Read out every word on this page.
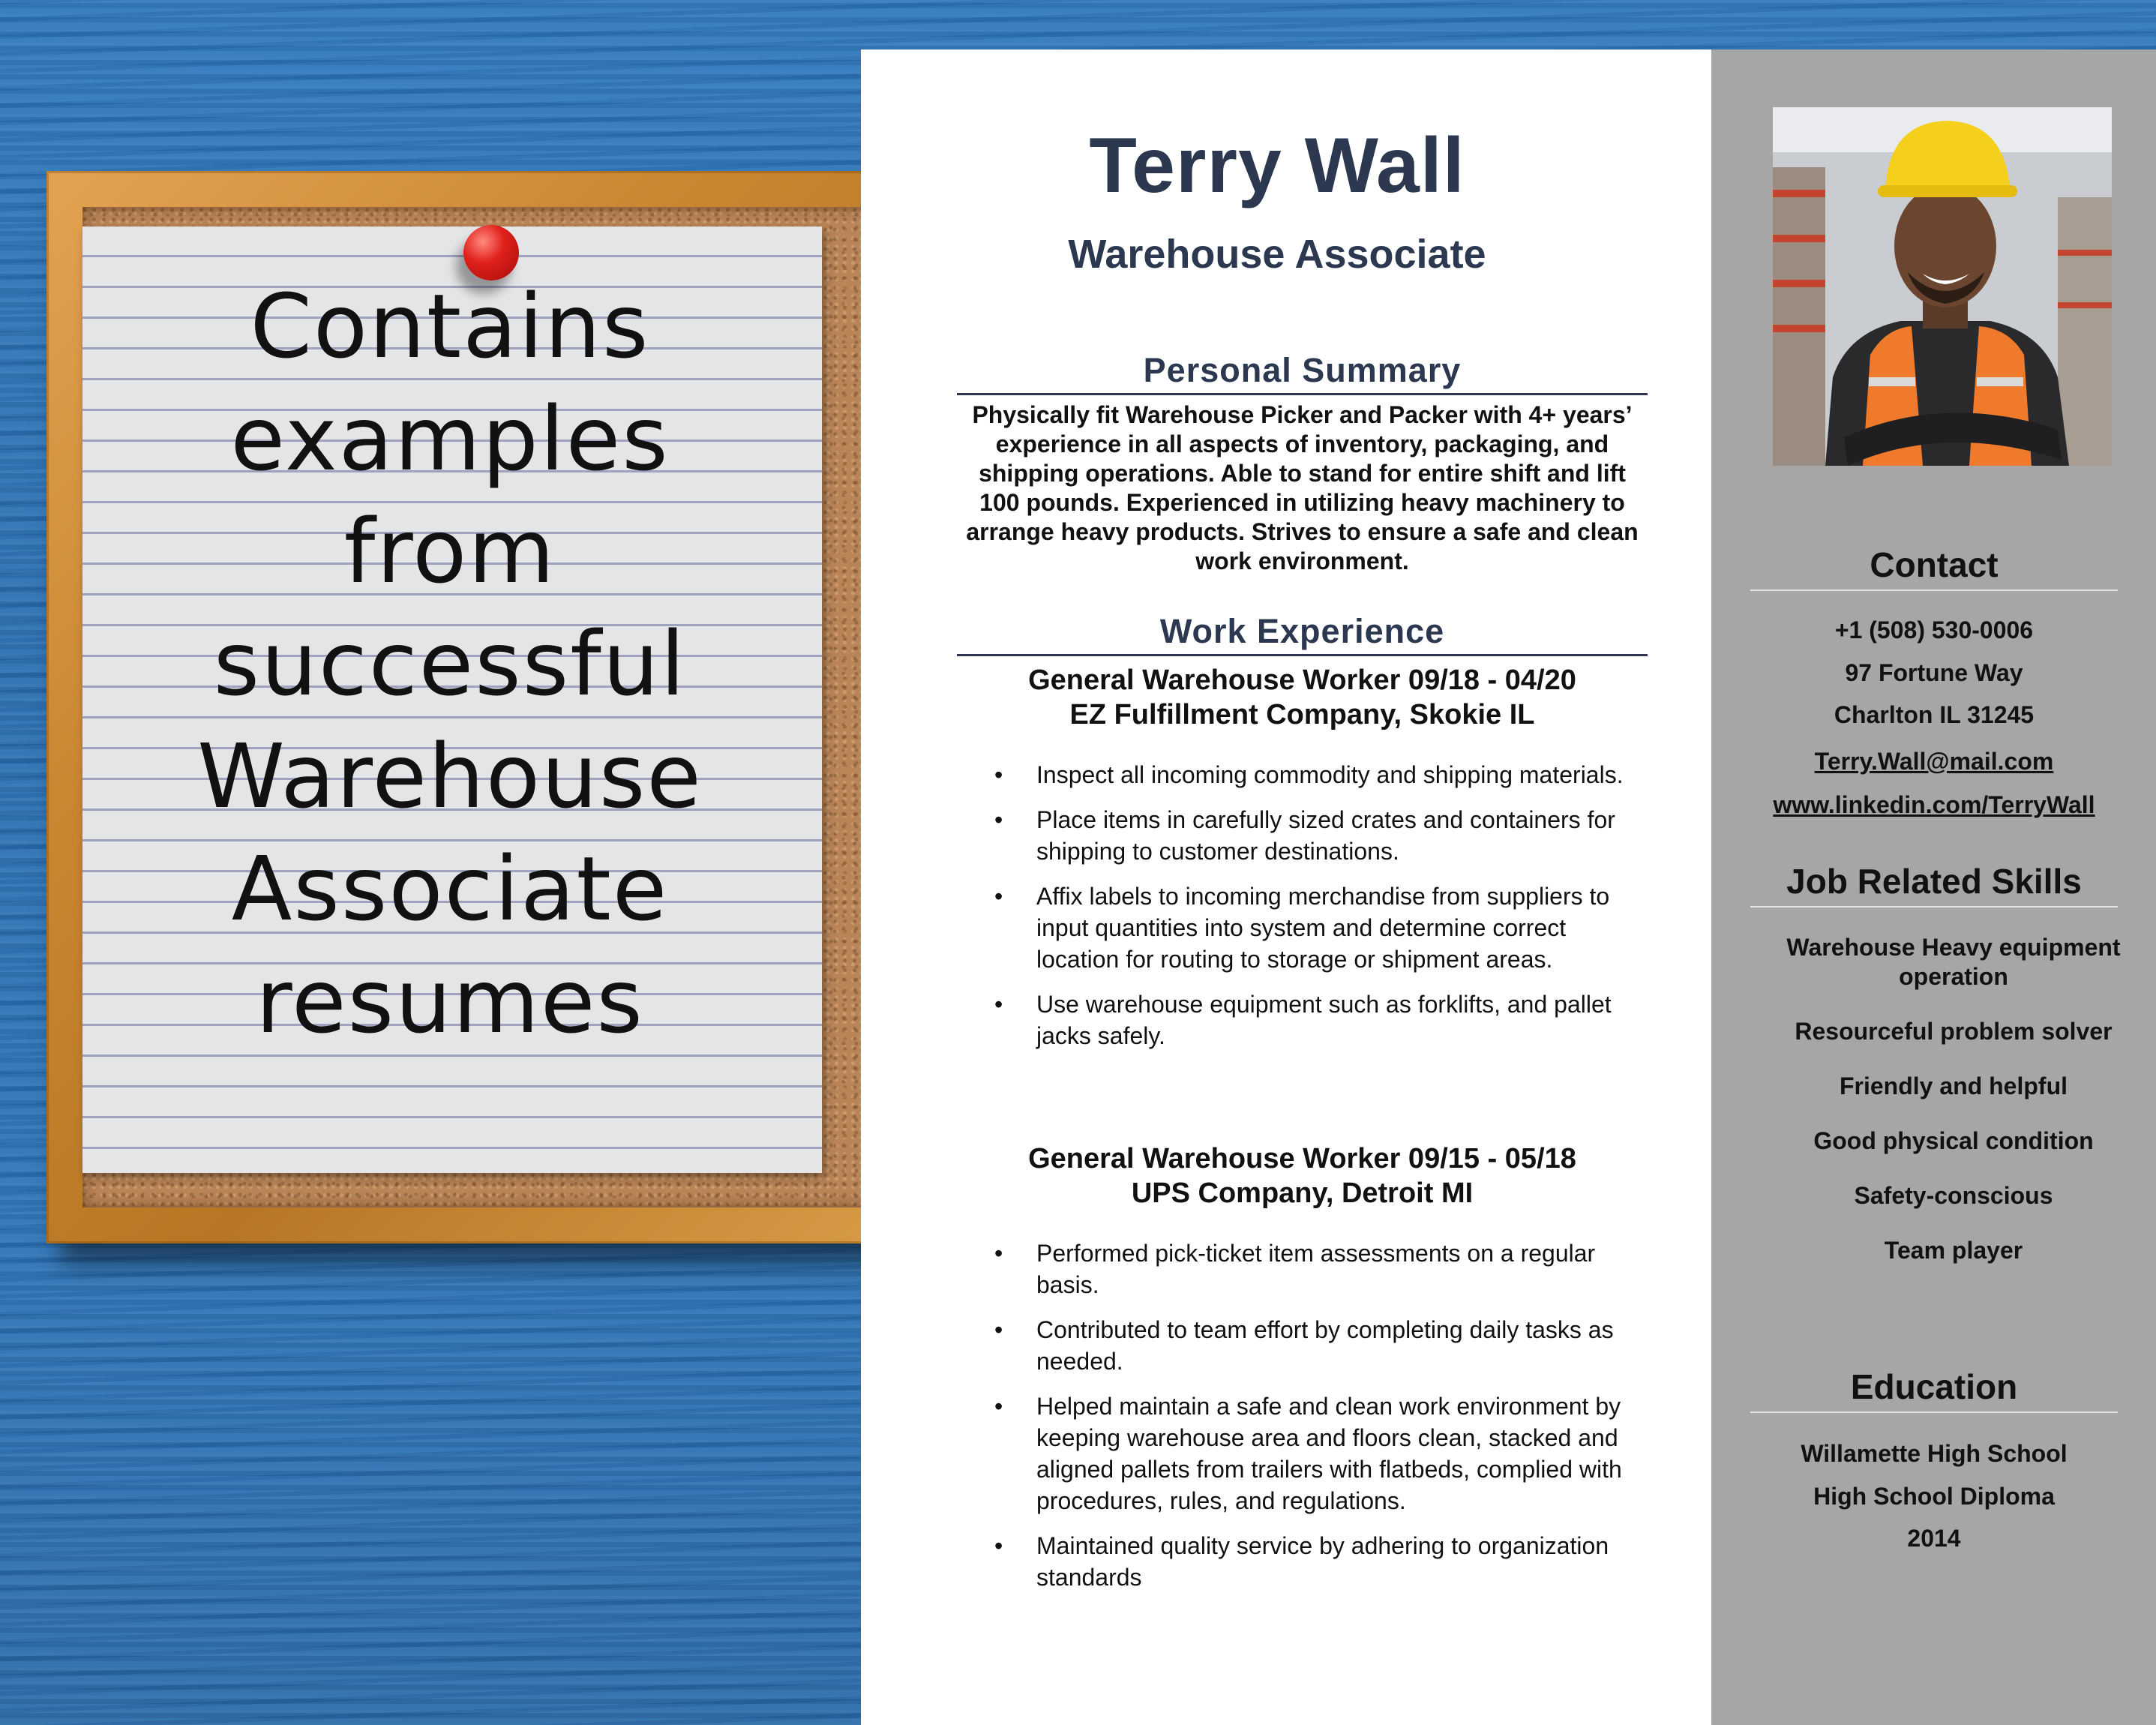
Contains
examples
from
successful
Warehouse
Associate
resumes
Terry Wall
Warehouse Associate
Personal Summary
Physically fit Warehouse Picker and Packer with 4+ years’ experience in all aspects of inventory, packaging, and shipping operations. Able to stand for entire shift and lift 100 pounds. Experienced in utilizing heavy machinery to arrange heavy products. Strives to ensure a safe and clean work environment.
Work Experience
General Warehouse Worker 09/18 - 04/20
EZ Fulfillment Company, Skokie IL
• Inspect all incoming commodity and shipping materials.
• Place items in carefully sized crates and containers for shipping to customer destinations.
• Affix labels to incoming merchandise from suppliers to input quantities into system and determine correct location for routing to storage or shipment areas.
• Use warehouse equipment such as forklifts, and pallet jacks safely.
General Warehouse Worker 09/15 - 05/18
UPS Company, Detroit MI
• Performed pick-ticket item assessments on a regular basis.
• Contributed to team effort by completing daily tasks as needed.
• Helped maintain a safe and clean work environment by keeping warehouse area and floors clean, stacked and aligned pallets from trailers with flatbeds, complied with procedures, rules, and regulations.
• Maintained quality service by adhering to organization standards
Contact
+1 (508) 530-0006
97 Fortune Way
Charlton IL 31245
Terry.Wall@mail.com
www.linkedin.com/TerryWall
Job Related Skills
Warehouse Heavy equipment operation
Resourceful problem solver
Friendly and helpful
Good physical condition
Safety-conscious
Team player
Education
Willamette High School
High School Diploma
2014
